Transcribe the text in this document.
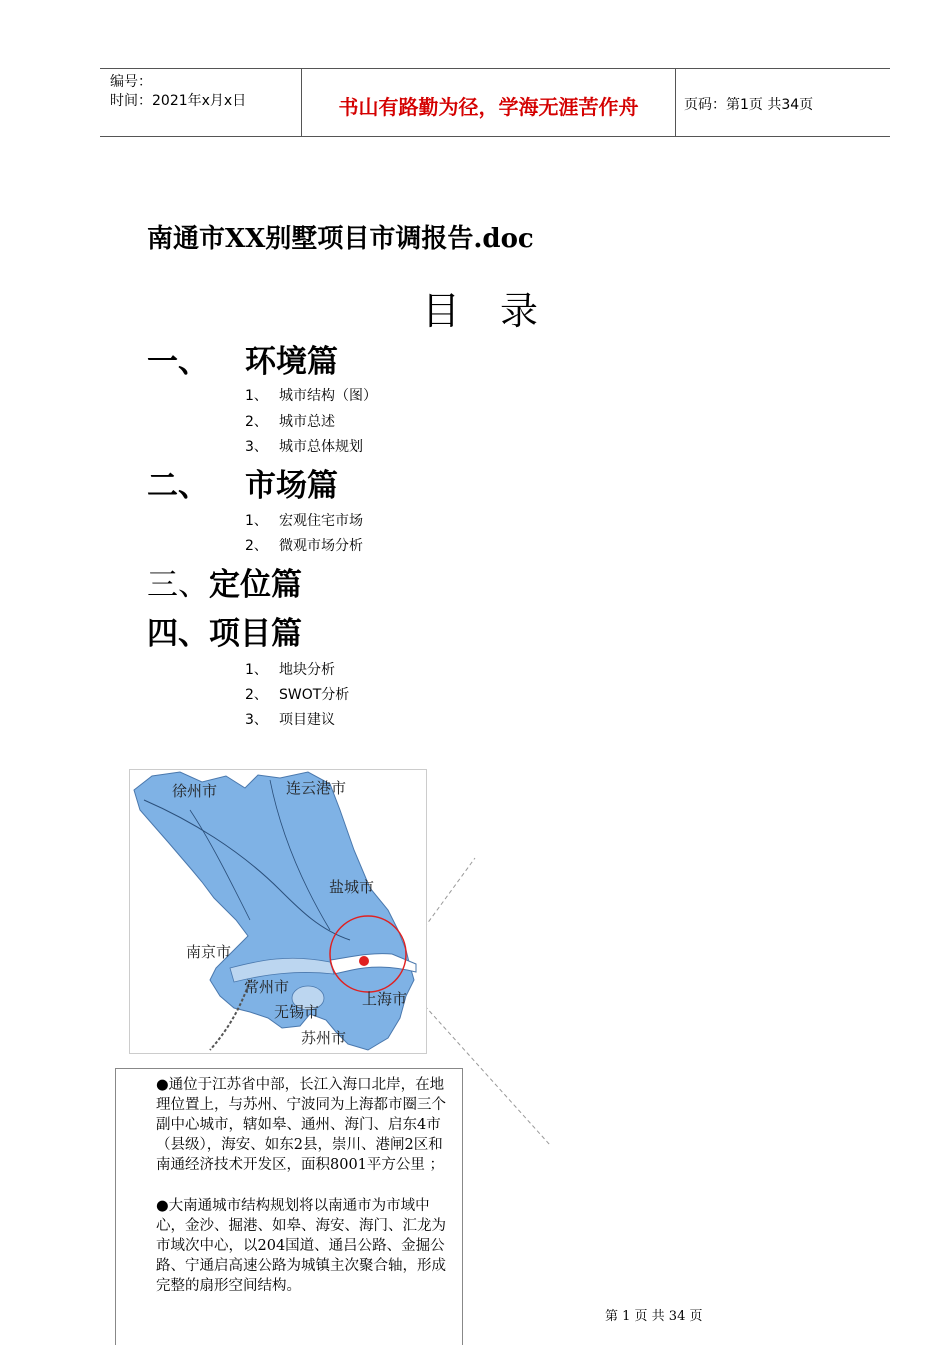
编号：
时间：2021年x月x日	书山有路勤为径，学海无涯苦作舟	页码：第1页 共34页
南通市XX别墅项目市调报告.doc
目录
一、 环境篇
1、 城市结构（图）
2、 城市总述
3、 城市总体规划
二、 市场篇
1、 宏观住宅市场
2、 微观市场分析
三、定位篇
四、项目篇
1、 地块分析
2、 SWOT分析
3、 项目建议
徐州市	连云港市
盐城市
南京市
常州市
无锡市
苏州市
上海市
●通位于江苏省中部，长江入海口北岸，在地理位置上，与苏州、宁波同为上海都市圈三个副中心城市，辖如皋、通州、海门、启东4市（县级），海安、如东2县，崇川、港闸2区和南通经济技术开发区，面积8001平方公里 ；
●大南通城市结构规划将以南通市为市域中心，金沙、掘港、如皋、海安、海门、汇龙为市域次中心，以204国道、通吕公路、金掘公路、宁通启高速公路为城镇主次聚合轴，形成完整的扇形空间结构。
第 1 页 共 34 页
